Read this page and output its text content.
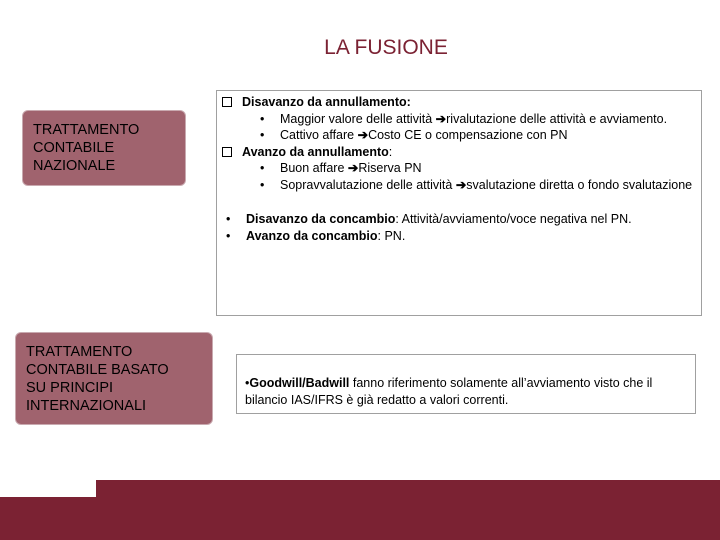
LA FUSIONE
TRATTAMENTO
CONTABILE
NAZIONALE
TRATTAMENTO
CONTABILE BASATO
SU PRINCIPI
INTERNAZIONALI
Disavanzo da annullamento:
•	Maggior valore delle attività ➔rivalutazione delle attività e avviamento.
•	Cattivo affare ➔Costo CE o compensazione con PN
Avanzo da annullamento:
•	Buon affare ➔Riserva PN
•	Sopravvalutazione delle attività ➔svalutazione diretta o fondo svalutazione
•	Disavanzo da concambio: Attività/avviamento/voce negativa nel PN.
•	Avanzo da concambio: PN.
•Goodwill/Badwill fanno riferimento solamente all’avviamento visto che il bilancio IAS/IFRS è già redatto a valori correnti.
